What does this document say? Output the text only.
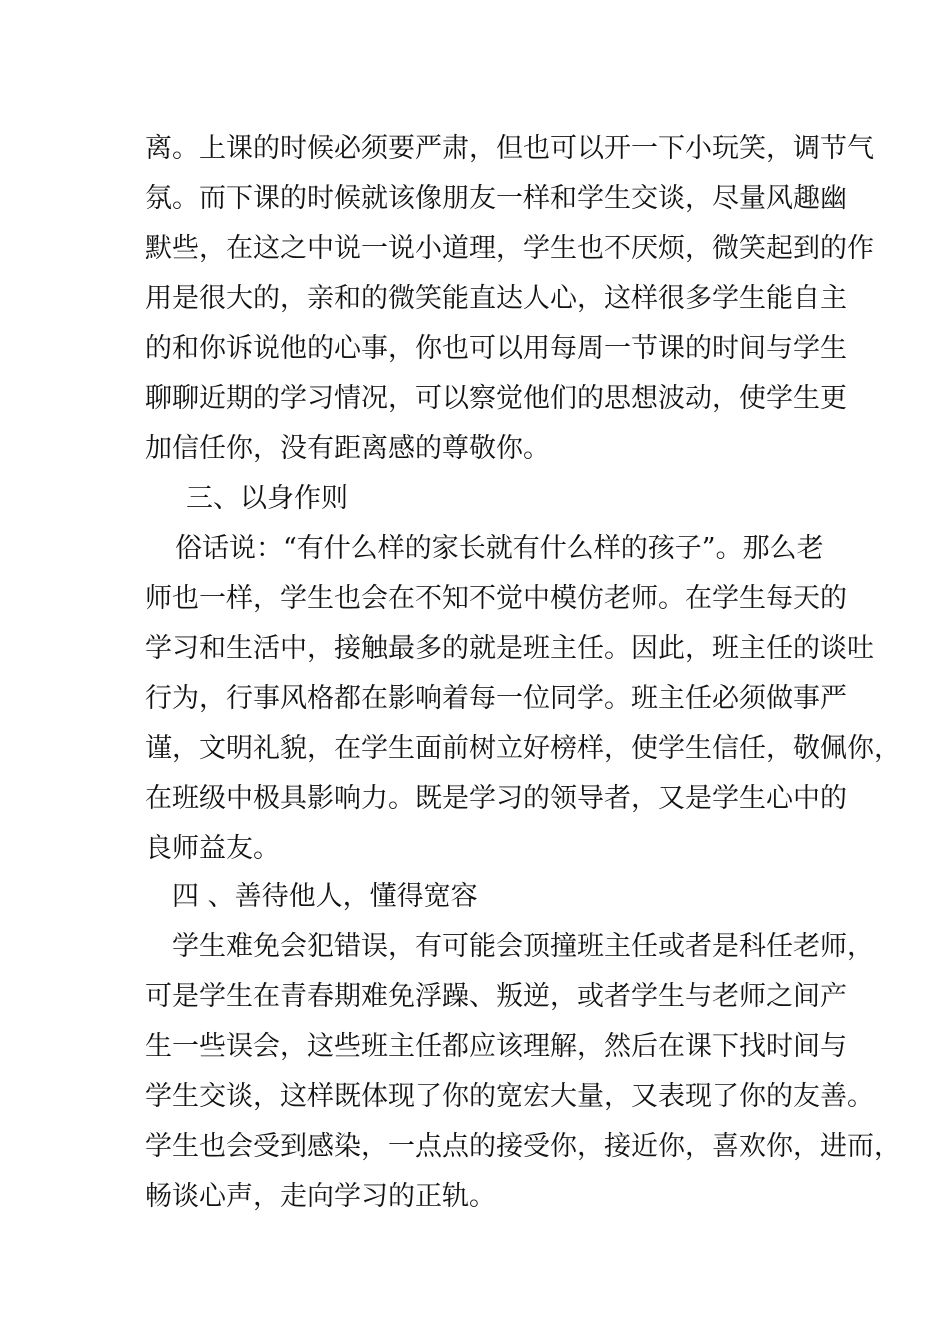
离。上课的时候必须要严肃，但也可以开一下小玩笑，调节气
氛。而下课的时候就该像朋友一样和学生交谈，尽量风趣幽
默些，在这之中说一说小道理，学生也不厌烦，微笑起到的作
用是很大的，亲和的微笑能直达人心，这样很多学生能自主
的和你诉说他的心事，你也可以用每周一节课的时间与学生
聊聊近期的学习情况，可以察觉他们的思想波动，使学生更
加信任你，没有距离感的尊敬你。
三、以身作则
俗话说：“有什么样的家长就有什么样的孩子”。那么老
师也一样，学生也会在不知不觉中模仿老师。在学生每天的
学习和生活中，接触最多的就是班主任。因此，班主任的谈吐
行为，行事风格都在影响着每一位同学。班主任必须做事严
谨，文明礼貌，在学生面前树立好榜样，使学生信任，敬佩你，
在班级中极具影响力。既是学习的领导者，又是学生心中的
良师益友。
四 、善待他人，懂得宽容
学生难免会犯错误，有可能会顶撞班主任或者是科任老师，
可是学生在青春期难免浮躁、叛逆，或者学生与老师之间产
生一些误会，这些班主任都应该理解，然后在课下找时间与
学生交谈，这样既体现了你的宽宏大量，又表现了你的友善。
学生也会受到感染，一点点的接受你，接近你，喜欢你，进而，
畅谈心声，走向学习的正轨。
